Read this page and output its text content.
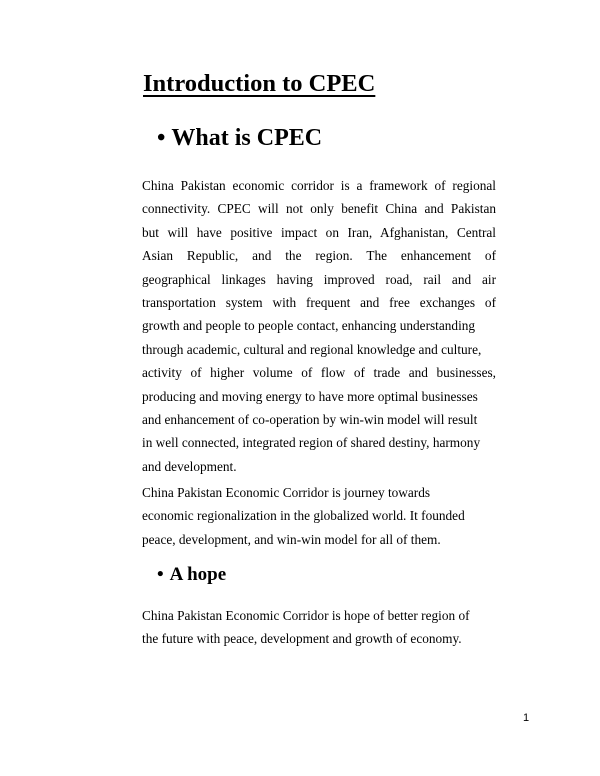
Introduction to CPEC
• What is CPEC
China Pakistan economic corridor is a framework of regional
connectivity. CPEC will not only benefit China and Pakistan
but will have positive impact on Iran, Afghanistan, Central
Asian Republic, and the region. The enhancement of
geographical linkages having improved road, rail and air
transportation system with frequent and free exchanges of
growth and people to people contact, enhancing understanding
through academic, cultural and regional knowledge and culture,
activity of higher volume of flow of trade and businesses,
producing and moving energy to have more optimal businesses
and enhancement of co-operation by win-win model will result
in well connected, integrated region of shared destiny, harmony
and development.
China Pakistan Economic Corridor is journey towards
economic regionalization in the globalized world. It founded
peace, development, and win-win model for all of them.
• A hope
China Pakistan Economic Corridor is hope of better region of
the future with peace, development and growth of economy.
1
